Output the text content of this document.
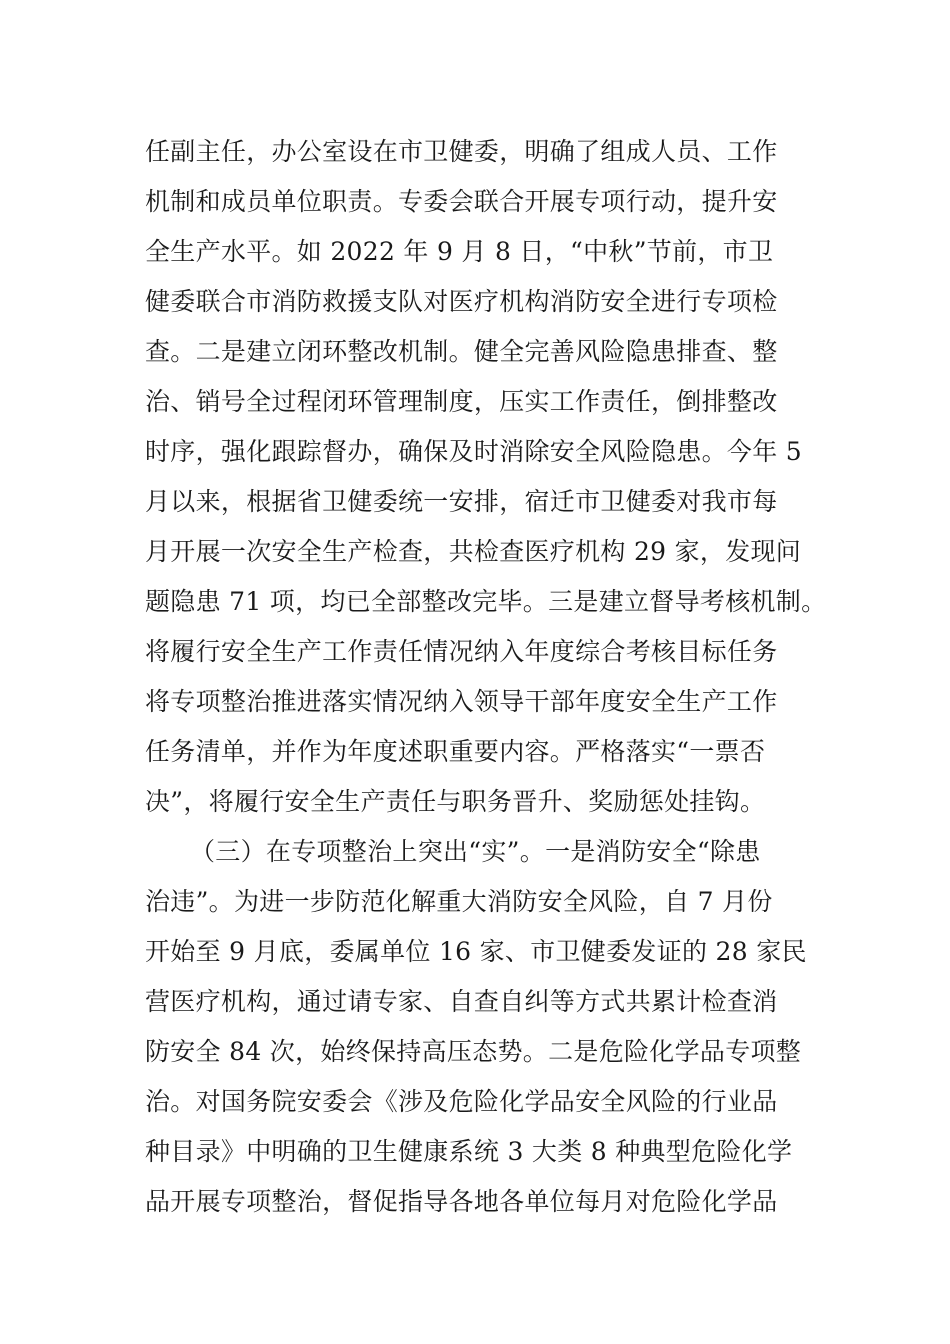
任副主任，办公室设在市卫健委，明确了组成人员、工作
机制和成员单位职责。专委会联合开展专项行动，提升安
全生产水平。如 2022 年 9 月 8 日，“中秋”节前，市卫
健委联合市消防救援支队对医疗机构消防安全进行专项检
查。二是建立闭环整改机制。健全完善风险隐患排查、整
治、销号全过程闭环管理制度，压实工作责任，倒排整改
时序，强化跟踪督办，确保及时消除安全风险隐患。今年 5
月以来，根据省卫健委统一安排，宿迁市卫健委对我市每
月开展一次安全生产检查，共检查医疗机构 29 家，发现问
题隐患 71 项，均已全部整改完毕。三是建立督导考核机制。
将履行安全生产工作责任情况纳入年度综合考核目标任务
将专项整治推进落实情况纳入领导干部年度安全生产工作
任务清单，并作为年度述职重要内容。严格落实“一票否
决”，将履行安全生产责任与职务晋升、奖励惩处挂钩。
（三）在专项整治上突出“实”。一是消防安全“除患
治违”。为进一步防范化解重大消防安全风险，自 7 月份
开始至 9 月底，委属单位 16 家、市卫健委发证的 28 家民
营医疗机构，通过请专家、自查自纠等方式共累计检查消
防安全 84 次，始终保持高压态势。二是危险化学品专项整
治。对国务院安委会《涉及危险化学品安全风险的行业品
种目录》中明确的卫生健康系统 3 大类 8 种典型危险化学
品开展专项整治，督促指导各地各单位每月对危险化学品
